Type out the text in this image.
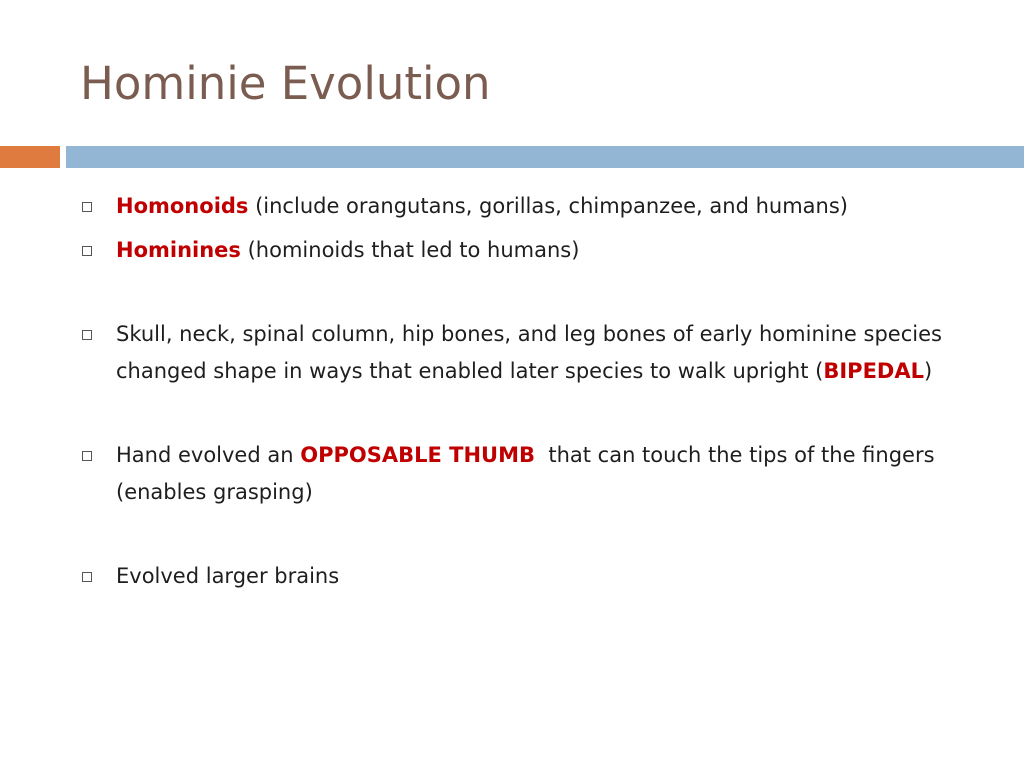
Hominie Evolution
Homonoids (include orangutans, gorillas, chimpanzee, and humans)
Hominines (hominoids that led to humans)
Skull, neck, spinal column, hip bones, and leg bones of early hominine species changed shape in ways that enabled later species to walk upright (BIPEDAL)
Hand evolved an OPPOSABLE THUMB  that can touch the tips of the fingers (enables grasping)
Evolved larger brains
